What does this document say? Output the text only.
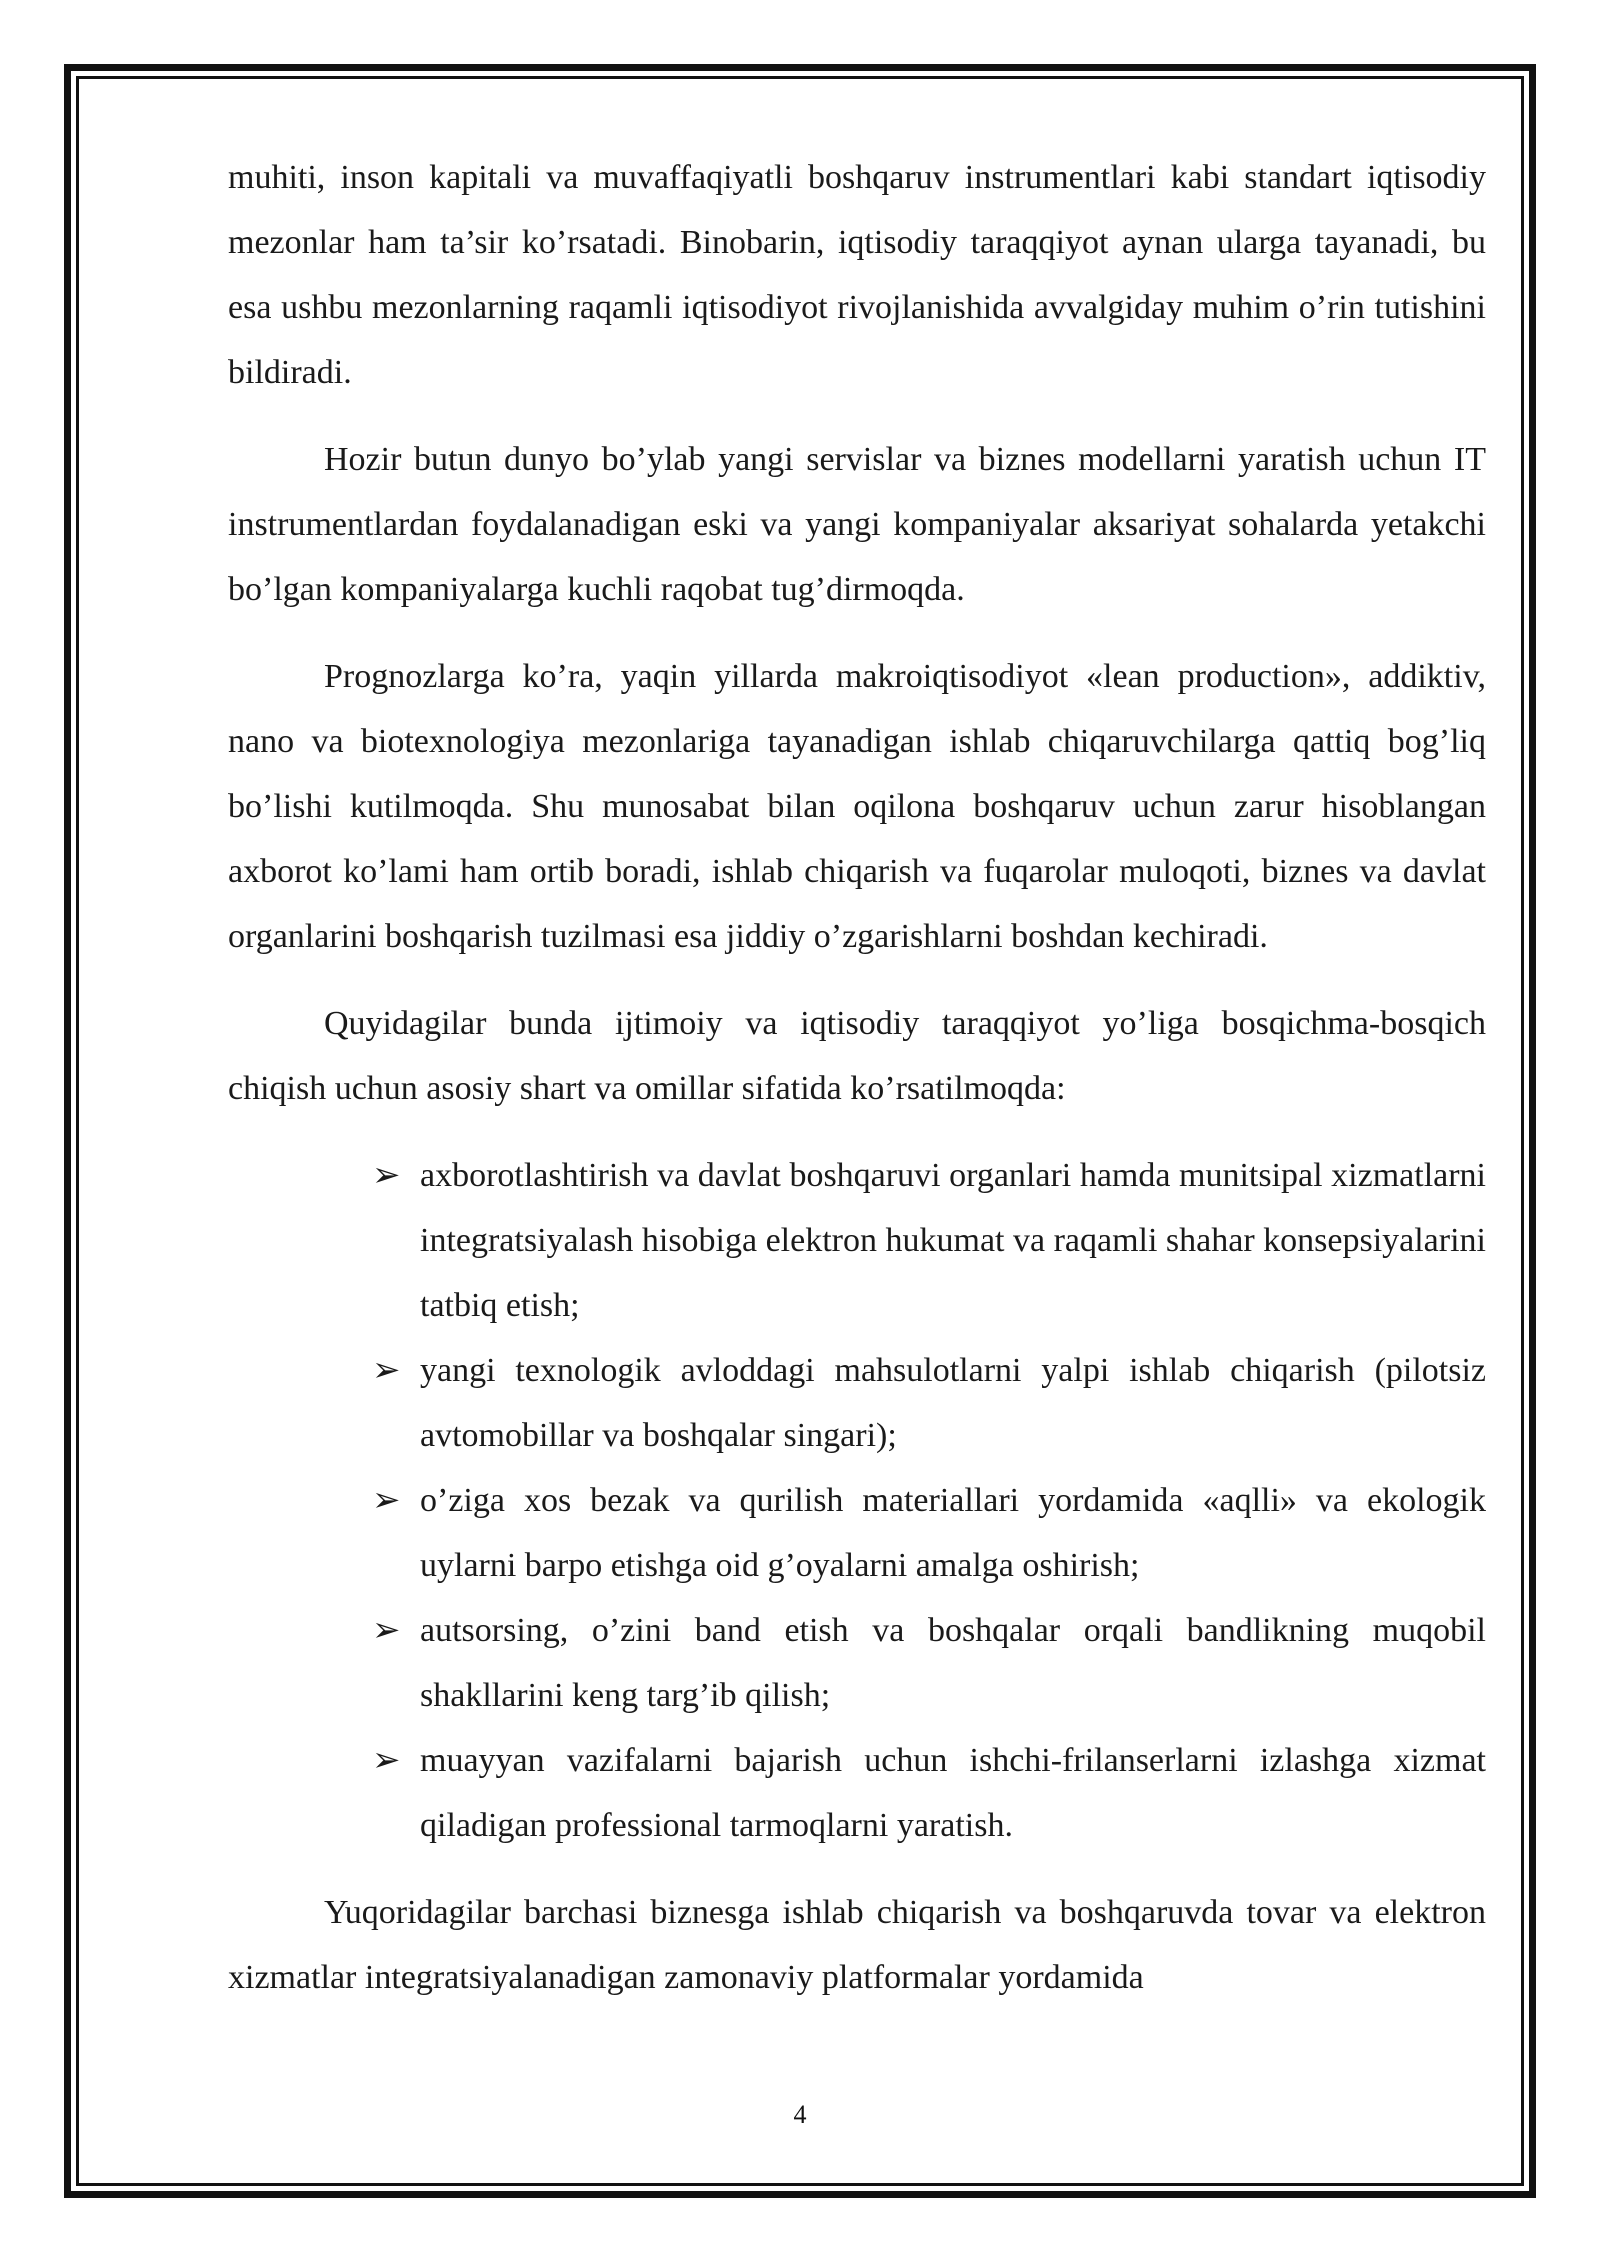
muhiti, inson kapitali va muvaffaqiyatli boshqaruv instrumentlari kabi standart iqtisodiy mezonlar ham ta’sir ko’rsatadi. Binobarin, iqtisodiy taraqqiyot aynan ularga tayanadi, bu esa ushbu mezonlarning raqamli iqtisodiyot rivojlanishida avvalgiday muhim o’rin tutishini bildiradi.

Hozir butun dunyo bo’ylab yangi servislar va biznes modellarni yaratish uchun IT instrumentlardan foydalanadigan eski va yangi kompaniyalar aksariyat sohalarda yetakchi bo’lgan kompaniyalarga kuchli raqobat tug’dirmoqda.

Prognozlarga ko’ra, yaqin yillarda makroiqtisodiyot «lean production», addiktiv, nano va biotexnologiya mezonlariga tayanadigan ishlab chiqaruvchilarga qattiq bog’liq bo’lishi kutilmoqda. Shu munosabat bilan oqilona boshqaruv uchun zarur hisoblangan axborot ko’lami ham ortib boradi, ishlab chiqarish va fuqarolar muloqoti, biznes va davlat organlarini boshqarish tuzilmasi esa jiddiy o’zgarishlarni boshdan kechiradi.

Quyidagilar bunda ijtimoiy va iqtisodiy taraqqiyot yo’liga bosqichma-bosqich chiqish uchun asosiy shart va omillar sifatida ko’rsatilmoqda:

➢ axborotlashtirish va davlat boshqaruvi organlari hamda munitsipal xizmatlarni integratsiyalash hisobiga elektron hukumat va raqamli shahar konsepsiyalarini tatbiq etish;
➢ yangi texnologik avloddagi mahsulotlarni yalpi ishlab chiqarish (pilotsiz avtomobillar va boshqalar singari);
➢ o’ziga xos bezak va qurilish materiallari yordamida «aqlli» va ekologik uylarni barpo etishga oid g’oyalarni amalga oshirish;
➢ autsorsing, o’zini band etish va boshqalar orqali bandlikning muqobil shakllarini keng targ’ib qilish;
➢ muayyan vazifalarni bajarish uchun ishchi-frilanserlarni izlashga xizmat qiladigan professional tarmoqlarni yaratish.

Yuqoridagilar barchasi biznesga ishlab chiqarish va boshqaruvda tovar va elektron xizmatlar integratsiyalanadigan zamonaviy platformalar yordamida

4
